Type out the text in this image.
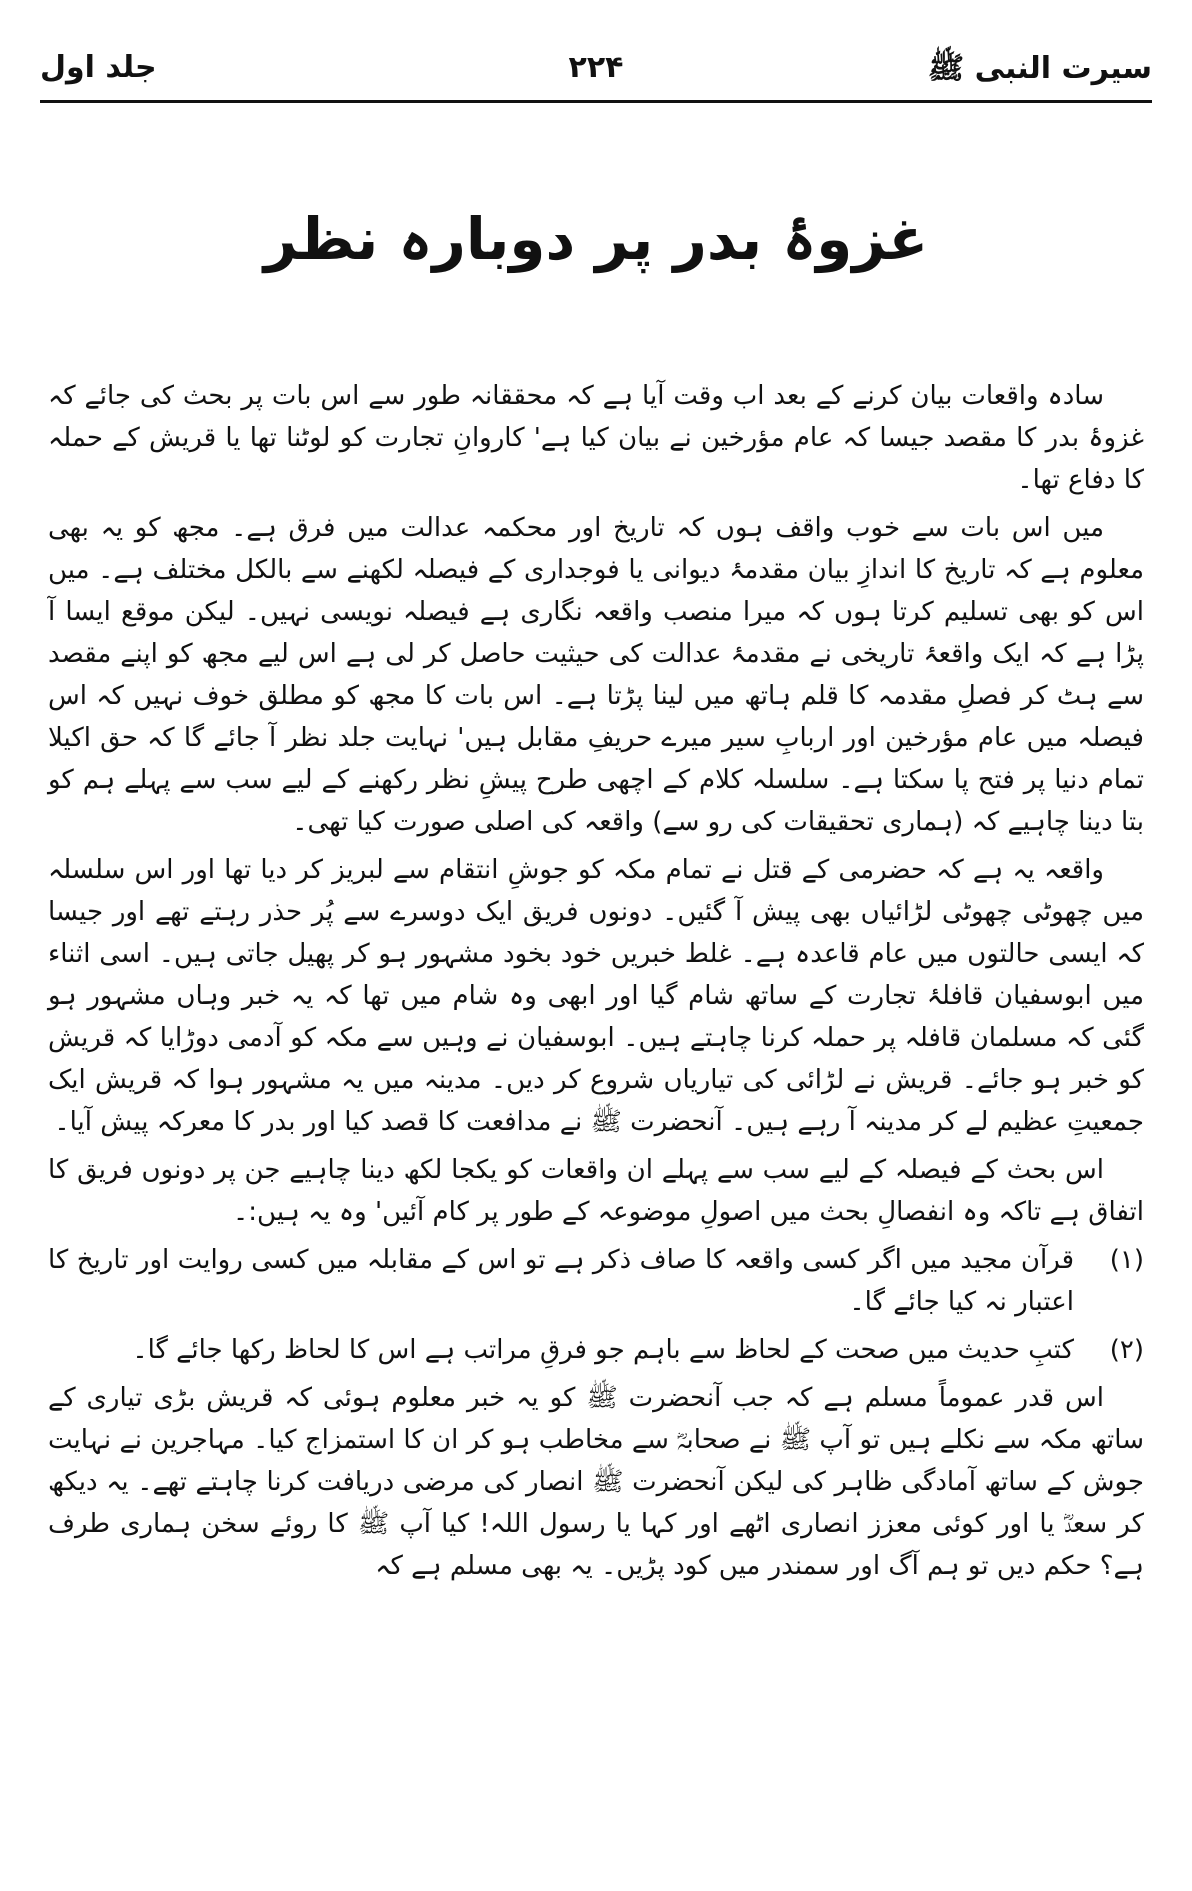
سیرت النبی ﷺ
۲۲۴
جلد اول
غزوۂ بدر پر دوبارہ نظر

سادہ واقعات بیان کرنے کے بعد اب وقت آیا ہے کہ محققانہ طور سے اس بات پر بحث کی جائے کہ غزوۂ بدر کا مقصد جیسا کہ عام مؤرخین نے بیان کیا ہے' کاروانِ تجارت کو لوٹنا تھا یا قریش کے حملہ کا دفاع تھا۔

میں اس بات سے خوب واقف ہوں کہ تاریخ اور محکمہ عدالت میں فرق ہے۔ مجھ کو یہ بھی معلوم ہے کہ تاریخ کا اندازِ بیان مقدمۂ دیوانی یا فوجداری کے فیصلہ لکھنے سے بالکل مختلف ہے۔ میں اس کو بھی تسلیم کرتا ہوں کہ میرا منصب واقعہ نگاری ہے فیصلہ نویسی نہیں۔ لیکن موقع ایسا آ پڑا ہے کہ ایک واقعۂ تاریخی نے مقدمۂ عدالت کی حیثیت حاصل کر لی ہے اس لیے مجھ کو اپنے مقصد سے ہٹ کر فصلِ مقدمہ کا قلم ہاتھ میں لینا پڑتا ہے۔ اس بات کا مجھ کو مطلق خوف نہیں کہ اس فیصلہ میں عام مؤرخین اور اربابِ سیر میرے حریفِ مقابل ہیں' نہایت جلد نظر آ جائے گا کہ حق اکیلا تمام دنیا پر فتح پا سکتا ہے۔ سلسلہ کلام کے اچھی طرح پیشِ نظر رکھنے کے لیے سب سے پہلے ہم کو بتا دینا چاہیے کہ (ہماری تحقیقات کی رو سے) واقعہ کی اصلی صورت کیا تھی۔

واقعہ یہ ہے کہ حضرمی کے قتل نے تمام مکہ کو جوشِ انتقام سے لبریز کر دیا تھا اور اس سلسلہ میں چھوٹی چھوٹی لڑائیاں بھی پیش آ گئیں۔ دونوں فریق ایک دوسرے سے پُر حذر رہتے تھے اور جیسا کہ ایسی حالتوں میں عام قاعدہ ہے۔ غلط خبریں خود بخود مشہور ہو کر پھیل جاتی ہیں۔ اسی اثناء میں ابوسفیان قافلۂ تجارت کے ساتھ شام گیا اور ابھی وہ شام میں تھا کہ یہ خبر وہاں مشہور ہو گئی کہ مسلمان قافلہ پر حملہ کرنا چاہتے ہیں۔ ابوسفیان نے وہیں سے مکہ کو آدمی دوڑایا کہ قریش کو خبر ہو جائے۔ قریش نے لڑائی کی تیاریاں شروع کر دیں۔ مدینہ میں یہ مشہور ہوا کہ قریش ایک جمعیتِ عظیم لے کر مدینہ آ رہے ہیں۔ آنحضرت ﷺ نے مدافعت کا قصد کیا اور بدر کا معرکہ پیش آیا۔

اس بحث کے فیصلہ کے لیے سب سے پہلے ان واقعات کو یکجا لکھ دینا چاہیے جن پر دونوں فریق کا اتفاق ہے تاکہ وہ انفصالِ بحث میں اصولِ موضوعہ کے طور پر کام آئیں' وہ یہ ہیں:۔

(۱)
قرآن مجید میں اگر کسی واقعہ کا صاف ذکر ہے تو اس کے مقابلہ میں کسی روایت اور تاریخ کا اعتبار نہ کیا جائے گا۔
(۲)
کتبِ حدیث میں صحت کے لحاظ سے باہم جو فرقِ مراتب ہے اس کا لحاظ رکھا جائے گا۔

اس قدر عموماً مسلم ہے کہ جب آنحضرت ﷺ کو یہ خبر معلوم ہوئی کہ قریش بڑی تیاری کے ساتھ مکہ سے نکلے ہیں تو آپ ﷺ نے صحابہؓ سے مخاطب ہو کر ان کا استمزاج کیا۔ مہاجرین نے نہایت جوش کے ساتھ آمادگی ظاہر کی لیکن آنحضرت ﷺ انصار کی مرضی دریافت کرنا چاہتے تھے۔ یہ دیکھ کر سعدؓ یا اور کوئی معزز انصاری اٹھے اور کہا یا رسول اللہ! کیا آپ ﷺ کا روئے سخن ہماری طرف ہے؟ حکم دیں تو ہم آگ اور سمندر میں کود پڑیں۔ یہ بھی مسلم ہے کہ
